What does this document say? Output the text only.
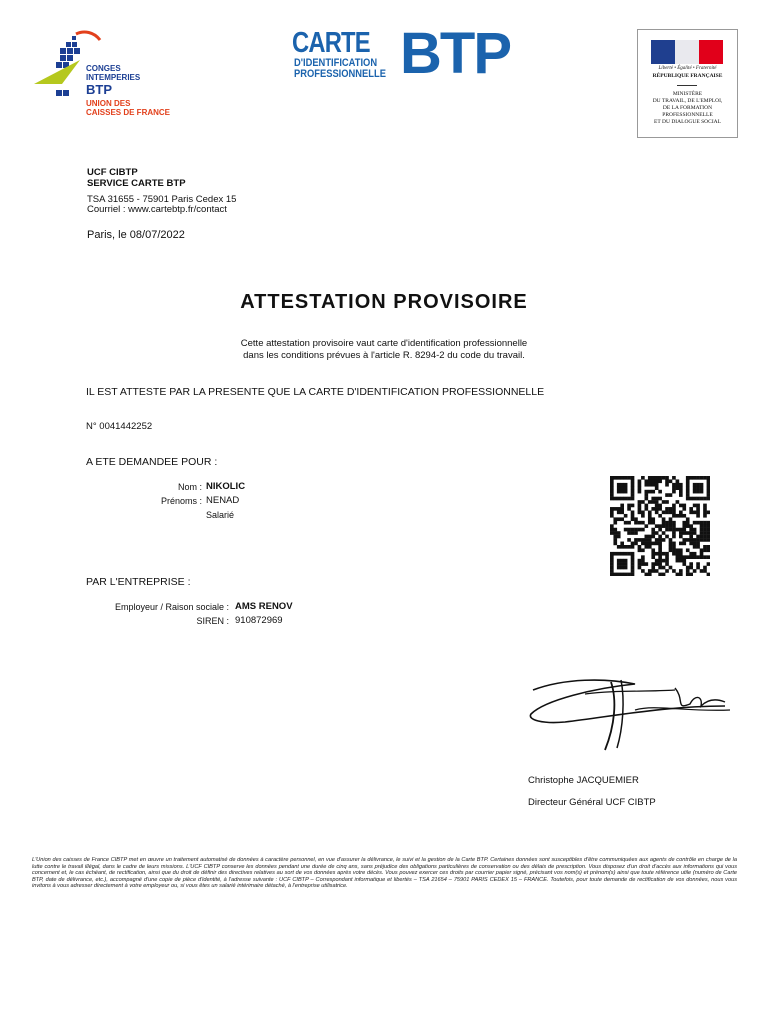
CONGES
INTEMPERIES
BTP
UNION DES
CAISSES DE FRANCE
CARTE
D'IDENTIFICATION
PROFESSIONNELLE BTP	Liberté • Égalité • Fraternité
RÉPUBLIQUE FRANÇAISE
MINISTÈRE
DU TRAVAIL, DE L'EMPLOI,
DE LA FORMATION
PROFESSIONNELLE
ET DU DIALOGUE SOCIAL
UCF CIBTP
SERVICE CARTE BTP
TSA 31655 - 75901 Paris Cedex 15
Courriel : www.cartebtp.fr/contact
Paris, le 08/07/2022
ATTESTATION PROVISOIRE
Cette attestation provisoire vaut carte d'identification professionnelle
dans les conditions prévues à l'article R. 8294-2 du code du travail.
IL EST ATTESTE PAR LA PRESENTE QUE LA CARTE D'IDENTIFICATION PROFESSIONNELLE
N° 0041442252
A ETE DEMANDEE POUR :
Nom : NIKOLIC
Prénoms : NENAD
Salarié
PAR L'ENTREPRISE :
Employeur / Raison sociale : AMS RENOV
SIREN : 910872969
Christophe JACQUEMIER
Directeur Général UCF CIBTP
L'Union des caisses de France CIBTP met en œuvre un traitement automatisé de données à caractère personnel, en vue d'assurer la délivrance, le suivi et la gestion de la Carte BTP. Certaines données sont susceptibles d'être communiquées aux agents de contrôle en charge de la lutte contre le travail illégal, dans le cadre de leurs missions. L'UCF CIBTP conserve les données pendant une durée de cinq ans, sans préjudice des obligations particulières de conservation ou des délais de prescription. Vous disposez d'un droit d'accès aux informations qui vous concernent et, le cas échéant, de rectification, ainsi que du droit de définir des directives relatives au sort de vos données après votre décès. Vous pouvez exercer ces droits par courrier papier signé, précisant vos nom(s) et prénom(s) ainsi que toute référence utile (numéro de Carte BTP, date de délivrance, etc.), accompagné d'une copie de pièce d'identité, à l'adresse suivante : UCF CIBTP – Correspondant informatique et libertés – TSA 21654 – 75901 PARIS CEDEX 15 – FRANCE. Toutefois, pour toute demande de rectification de vos données, nous vous invitons à vous adresser directement à votre employeur ou, si vous êtes un salarié intérimaire détaché, à l'entreprise utilisatrice.
